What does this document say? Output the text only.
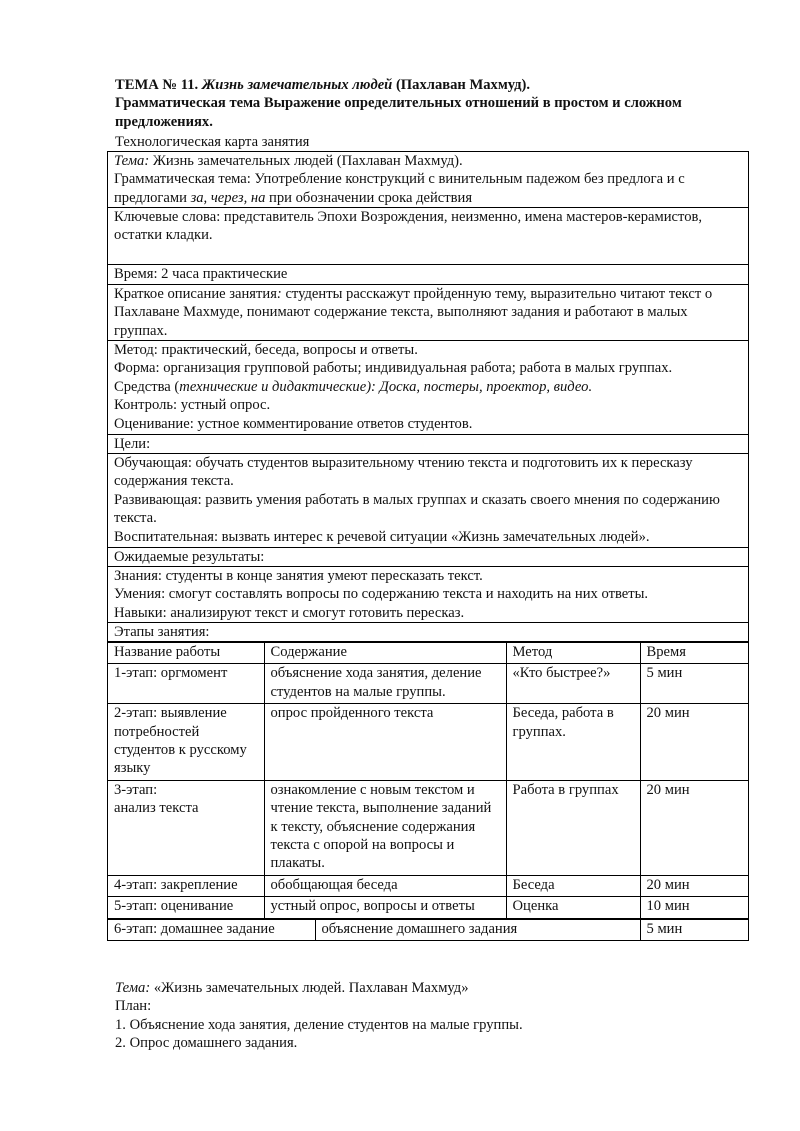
ТЕМА № 11. Жизнь замечательных людей (Пахлаван Махмуд).
Грамматическая тема Выражение определительных отношений в простом и сложном предложениях.
Технологическая карта занятия

Тема: Жизнь замечательных людей (Пахлаван Махмуд).

Грамматическая тема: Употребление конструкций с винительным падежом без предлога и с предлогами за, через, на при обозначении срока действия

Ключевые слова: представитель Эпохи Возрождения, неизменно, имена мастеров-керамистов, остатки кладки.

Время: 2 часа практические

Краткое описание занятия: студенты расскажут пройденную тему, выразительно читают текст о Пахлаване Махмуде, понимают содержание текста, выполняют задания и работают в малых группах.

Метод: практический, беседа, вопросы и ответы.

Форма: организация групповой работы; индивидуальная работа; работа в малых группах.

Средства (технические и дидактические): Доска, постеры, проектор, видео.

Контроль: устный опрос.

Оценивание: устное комментирование ответов студентов.

Цели:

Обучающая: обучать студентов выразительному чтению текста и подготовить их к пересказу содержания текста.

Развивающая: развить умения работать в малых группах и сказать своего мнения по содержанию текста.

Воспитательная: вызвать интерес к речевой ситуации «Жизнь замечательных людей».

Ожидаемые результаты:

Знания: студенты в конце занятия умеют пересказать текст.

Умения: смогут составлять вопросы по содержанию текста и находить на них ответы.

Навыки: анализируют текст и смогут готовить пересказ.

Этапы занятия:

Название работы	Содержание	Метод	Время
1-этап: оргмомент	объяснение хода занятия, деление студентов на малые группы.	«Кто быстрее?»	5 мин
2-этап: выявление потребностей студентов к русскому языку	опрос пройденного текста	Беседа, работа в группах.	20 мин
3-этап:
анализ текста	ознакомление с новым текстом и чтение текста, выполнение заданий к тексту, объяснение содержания текста с опорой на вопросы и плакаты.	Работа в группах	20 мин
4-этап: закрепление	обобщающая беседа	Беседа	20 мин
5-этап: оценивание	устный опрос, вопросы и ответы	Оценка	10 мин
6-этап: домашнее задание	объяснение домашнего задания	5 мин

Тема: «Жизнь замечательных людей. Пахлаван Махмуд»

План:

1. Объяснение хода занятия, деление студентов на малые группы.

2. Опрос домашнего задания.
